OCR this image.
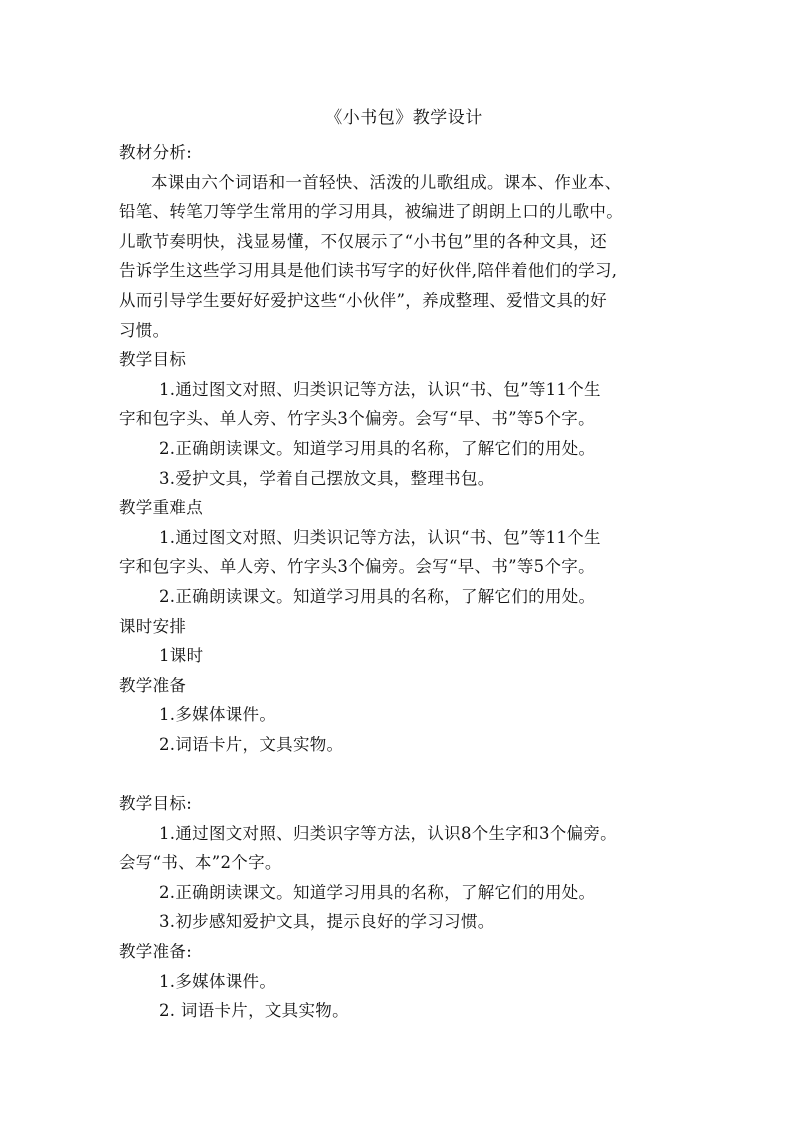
《小书包》教学设计
教材分析:
本课由六个词语和一首轻快、活泼的儿歌组成。课本、作业本、
铅笔、转笔刀等学生常用的学习用具，被编进了朗朗上口的儿歌中。
儿歌节奏明快，浅显易懂，不仅展示了“小书包”里的各种文具，还
告诉学生这些学习用具是他们读书写字的好伙伴,陪伴着他们的学习,
从而引导学生要好好爱护这些“小伙伴”，养成整理、爱惜文具的好
习惯。
教学目标
1.通过图文对照、归类识记等方法，认识“书、包”等11个生
字和包字头、单人旁、竹字头3个偏旁。会写“早、书”等5个字。
2.正确朗读课文。知道学习用具的名称，了解它们的用处。
3.爱护文具，学着自己摆放文具，整理书包。
教学重难点
1.通过图文对照、归类识记等方法，认识“书、包”等11个生
字和包字头、单人旁、竹字头3个偏旁。会写“早、书”等5个字。
2.正确朗读课文。知道学习用具的名称，了解它们的用处。
课时安排
1课时
教学准备
1.多媒体课件。
2.词语卡片，文具实物。
教学目标:
1.通过图文对照、归类识字等方法，认识8个生字和3个偏旁。
会写“书、本”2个字。
2.正确朗读课文。知道学习用具的名称，了解它们的用处。
3.初步感知爱护文具，提示良好的学习习惯。
教学准备:
1.多媒体课件。
2. 词语卡片，文具实物。
